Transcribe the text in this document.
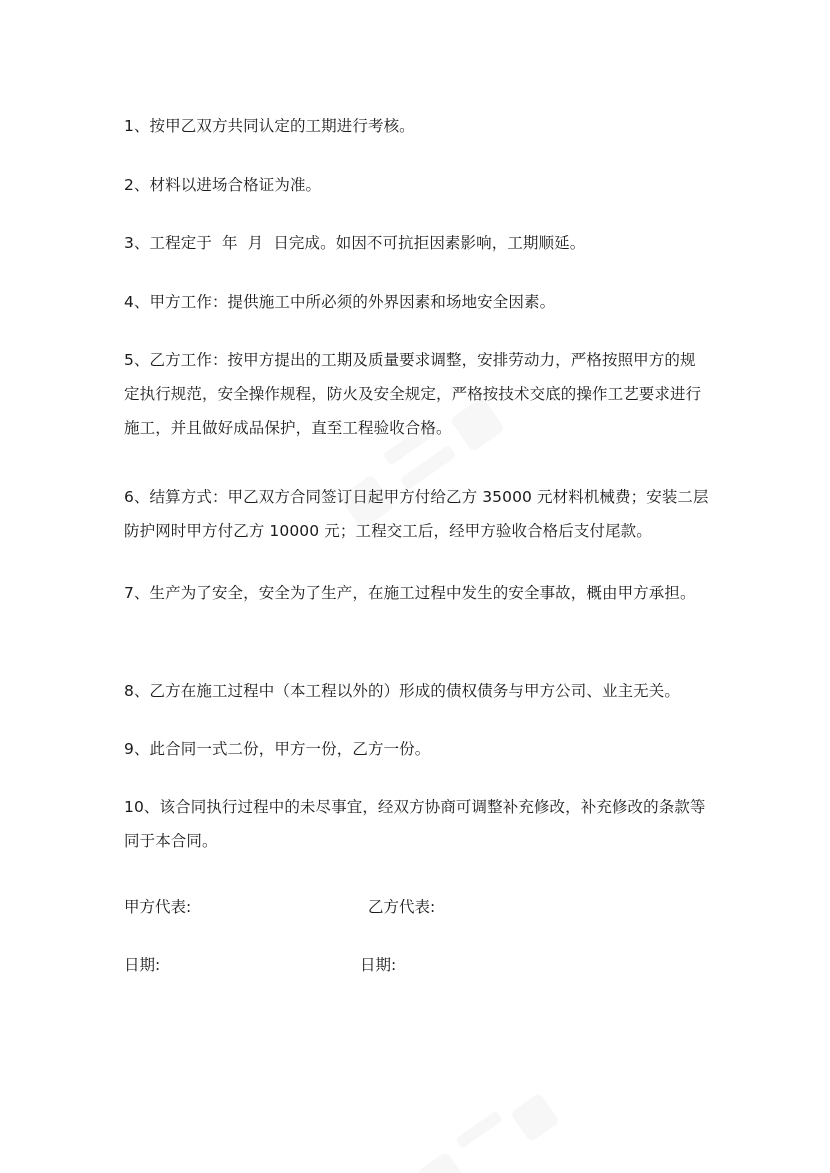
1、按甲乙双方共同认定的工期进行考核。

2、材料以进场合格证为准。

3、工程定于  年  月  日完成。如因不可抗拒因素影响，工期顺延。

4、甲方工作：提供施工中所必须的外界因素和场地安全因素。

5、乙方工作：按甲方提出的工期及质量要求调整，安排劳动力，严格按照甲方的规定执行规范，安全操作规程，防火及安全规定，严格按技术交底的操作工艺要求进行施工，并且做好成品保护，直至工程验收合格。

6、结算方式：甲乙双方合同签订日起甲方付给乙方 35000 元材料机械费；安装二层防护网时甲方付乙方 10000 元；工程交工后，经甲方验收合格后支付尾款。

7、生产为了安全，安全为了生产，在施工过程中发生的安全事故，概由甲方承担。

8、乙方在施工过程中（本工程以外的）形成的债权债务与甲方公司、业主无关。

9、此合同一式二份，甲方一份，乙方一份。

10、该合同执行过程中的未尽事宜，经双方协商可调整补充修改，补充修改的条款等同于本合同。

甲方代表:	乙方代表:

日期:	日期:
